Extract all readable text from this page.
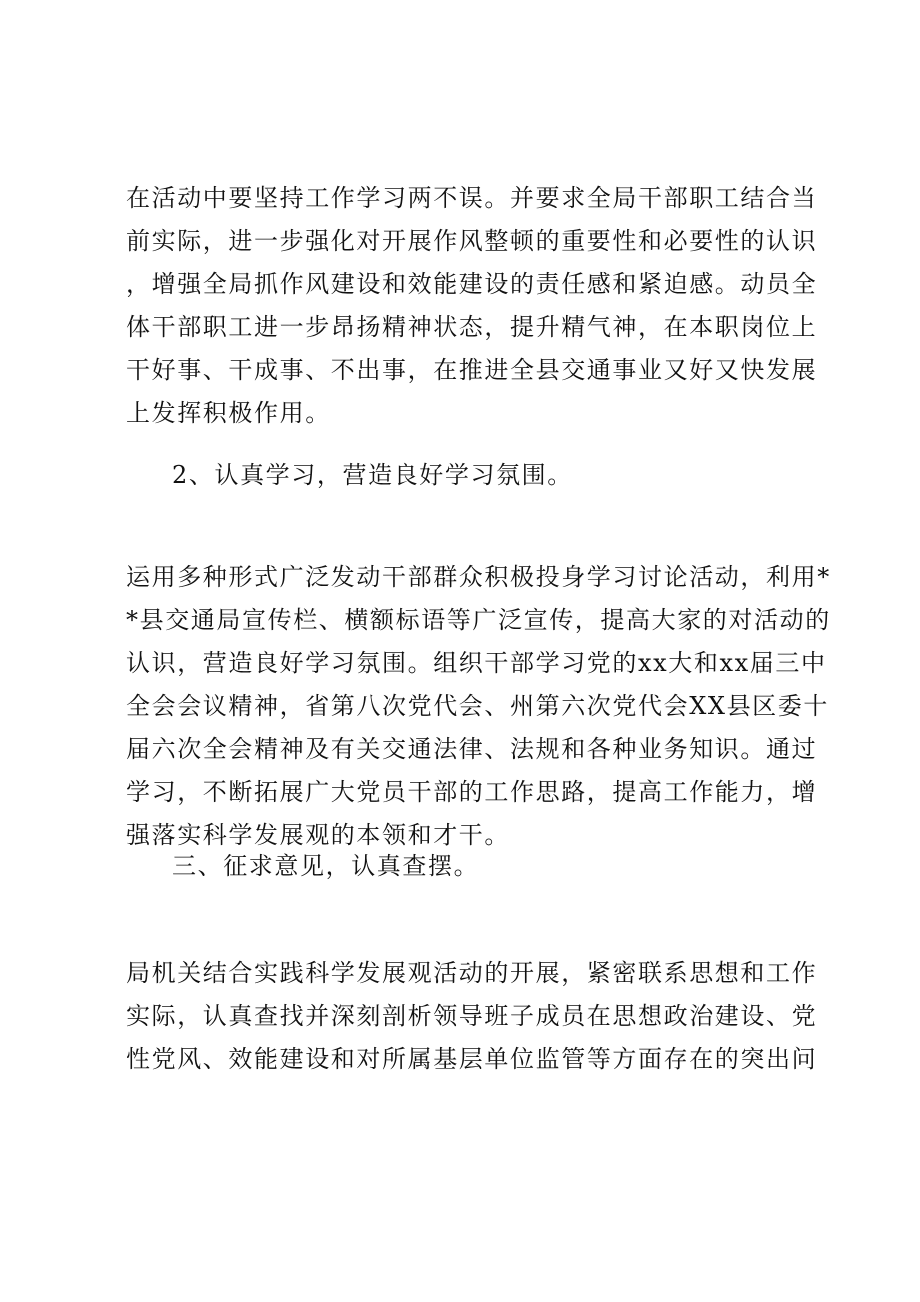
在活动中要坚持工作学习两不误。并要求全局干部职工结合当
前实际，进一步强化对开展作风整顿的重要性和必要性的认识
，增强全局抓作风建设和效能建设的责任感和紧迫感。动员全
体干部职工进一步昂扬精神状态，提升精气神，在本职岗位上
干好事、干成事、不出事，在推进全县交通事业又好又快发展
上发挥积极作用。
2、认真学习，营造良好学习氛围。
运用多种形式广泛发动干部群众积极投身学习讨论活动，利用*
*县交通局宣传栏、横额标语等广泛宣传，提高大家的对活动的
认识，营造良好学习氛围。组织干部学习党的xx大和xx届三中
全会会议精神，省第八次党代会、州第六次党代会XX县区委十
届六次全会精神及有关交通法律、法规和各种业务知识。通过
学习，不断拓展广大党员干部的工作思路，提高工作能力，增
强落实科学发展观的本领和才干。
三、征求意见，认真查摆。
局机关结合实践科学发展观活动的开展，紧密联系思想和工作
实际，认真查找并深刻剖析领导班子成员在思想政治建设、党
性党风、效能建设和对所属基层单位监管等方面存在的突出问
